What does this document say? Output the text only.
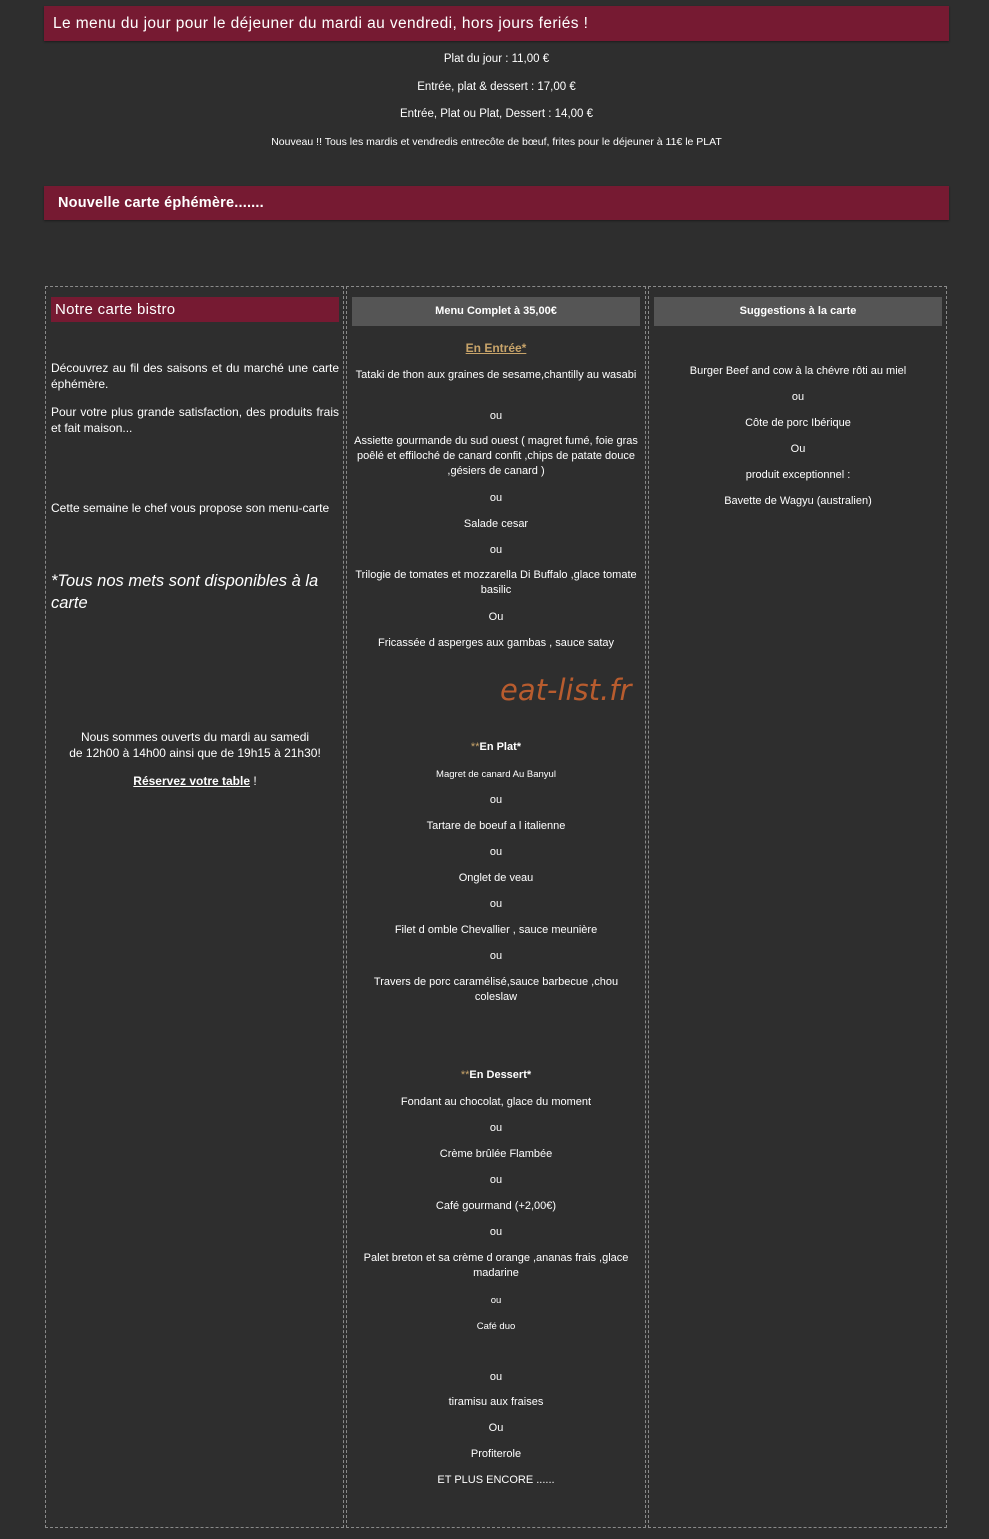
Le menu du jour pour le déjeuner du mardi au vendredi, hors jours feriés !
Plat du jour : 11,00 €
Entrée, plat & dessert : 17,00 €
Entrée, Plat ou Plat, Dessert : 14,00 €
Nouveau !! Tous les mardis et vendredis entrecôte de bœuf, frites pour le déjeuner à 11€ le PLAT
Nouvelle carte éphémère.......
Notre carte bistro
Découvrez au fil des saisons et du marché une carte éphémère.
Pour votre plus grande satisfaction, des produits frais et fait maison...
Cette semaine le chef vous propose son menu-carte
*Tous nos mets sont disponibles à la carte
Nous sommes ouverts du mardi au samedi
de 12h00 à 14h00 ainsi que de 19h15 à 21h30!
Réservez votre table !
Menu Complet à 35,00€
En Entrée*
Tataki de thon aux graines de sesame,chantilly au wasabi
ou
Assiette gourmande du sud ouest ( magret fumé, foie gras poêlé et effiloché de canard confit ,chips de patate douce ,gésiers de canard )
ou
Salade cesar
ou
Trilogie de tomates et mozzarella Di Buffalo ,glace tomate basilic
Ou
Fricassée d asperges aux gambas , sauce satay
eat-list.fr
**En Plat*
Magret de canard Au Banyul
ou
Tartare de boeuf a l italienne
ou
Onglet de veau
ou
Filet d omble Chevallier , sauce meunière
ou
Travers de porc caramélisé,sauce barbecue ,chou coleslaw
**En Dessert*
Fondant au chocolat, glace du moment
ou
Crème brûlée Flambée
ou
Café gourmand (+2,00€)
ou
Palet breton et sa crème d orange ,ananas frais ,glace madarine
ou
Café duo
ou
tiramisu aux fraises
Ou
Profiterole
ET PLUS ENCORE ......
Suggestions à la carte
Burger Beef and cow à la chévre rôti au miel
ou
Côte de porc Ibérique
Ou
produit exceptionnel :
Bavette de Wagyu (australien)
